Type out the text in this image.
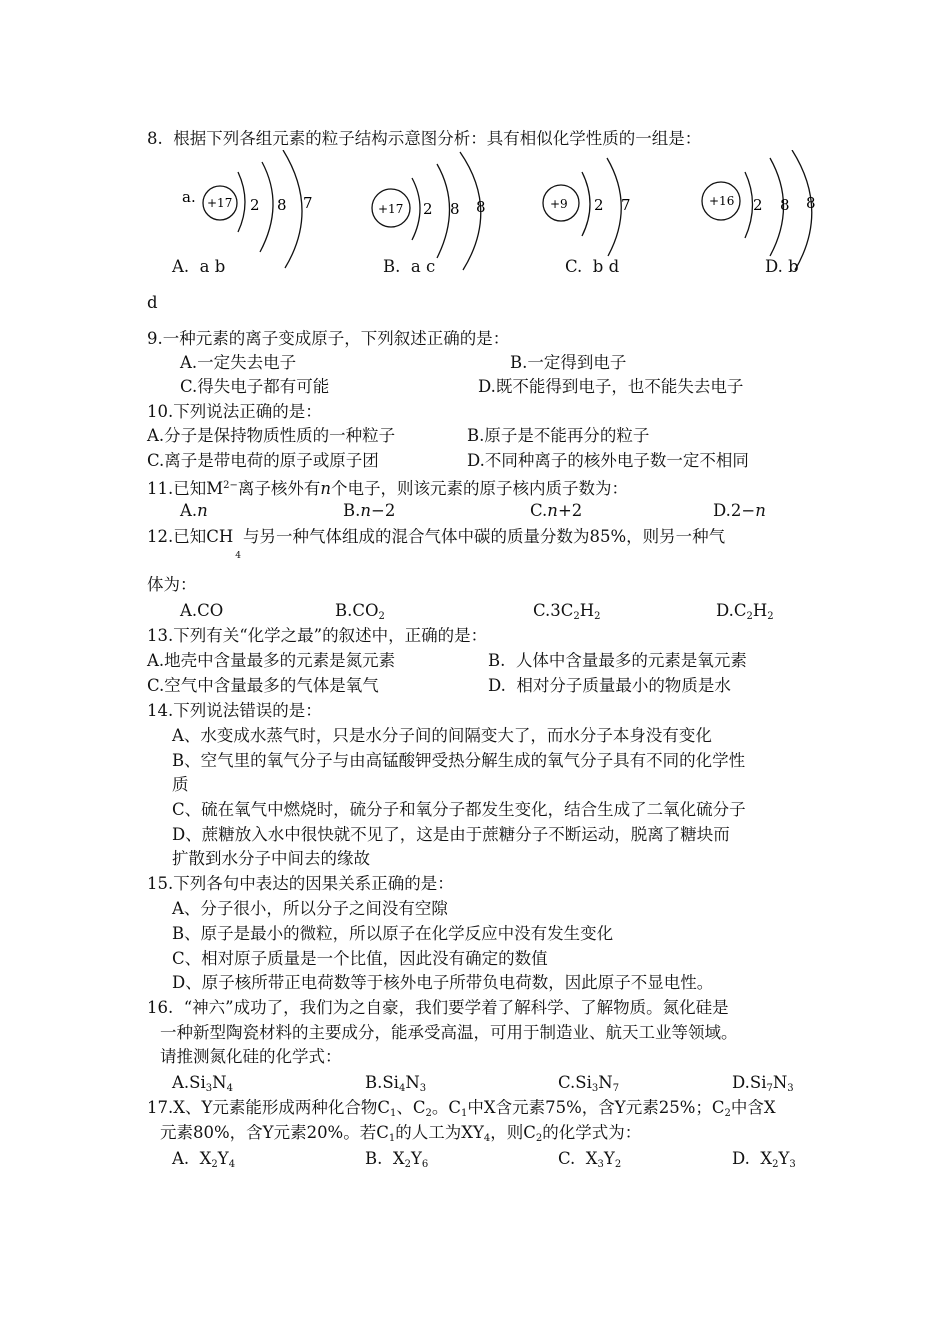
8.  根据下列各组元素的粒子结构示意图分析：具有相似化学性质的一组是：
a. +17 2 8 7	+17 2 8 8	+9 2 7	+16 2 8 8
A.  a b	B.  a c	C.  b d	D. b
d
9.一种元素的离子变成原子，下列叙述正确的是：
A.一定失去电子	B.一定得到电子
C.得失电子都有可能	D.既不能得到电子，也不能失去电子
10.下列说法正确的是：
A.分子是保持物质性质的一种粒子	B.原子是不能再分的粒子
C.离子是带电荷的原子或原子团	D.不同种离子的核外电子数一定不相同
11.已知$M^{2-}$离子核外有n个电子，则该元素的原子核内质子数为：
A.n	B.n−2	C.n+2	D.2−n
12.已知$CH_4$与另一种气体组成的混合气体中碳的质量分数为85%，则另一种气
体为：
A.CO	$B.CO_2$	$C.3C_2H_2$	$D.C_2H_2$
13.下列有关“化学之最”的叙述中，正确的是：
A.地壳中含量最多的元素是氮元素	B.  人体中含量最多的元素是氧元素
C.空气中含量最多的气体是氧气	D.  相对分子质量最小的物质是水
14.下列说法错误的是：
A、水变成水蒸气时，只是水分子间的间隔变大了，而水分子本身没有变化
B、空气里的氧气分子与由高锰酸钾受热分解生成的氧气分子具有不同的化学性
质
C、硫在氧气中燃烧时，硫分子和氧分子都发生变化，结合生成了二氧化硫分子
D、蔗糖放入水中很快就不见了，这是由于蔗糖分子不断运动，脱离了糖块而
扩散到水分子中间去的缘故
15.下列各句中表达的因果关系正确的是：
A、分子很小，所以分子之间没有空隙
B、原子是最小的微粒，所以原子在化学反应中没有发生变化
C、相对原子质量是一个比值，因此没有确定的数值
D、原子核所带正电荷数等于核外电子所带负电荷数，因此原子不显电性。
16.  “神六”成功了，我们为之自豪，我们要学着了解科学、了解物质。氮化硅是
一种新型陶瓷材料的主要成分，能承受高温，可用于制造业、航天工业等领域。
请推测氮化硅的化学式：
$A.Si_3N_4$	$B.Si_4N_3$	$C.Si_3N_7$	$D.Si_7N_3$
17.X、Y元素能形成两种化合物$C_1$、$C_2$。$C_1$中X含元素75%，含Y元素25%；$C_2$中含X
元素80%，含Y元素20%。若$C_1$的人工为$XY_4$，则$C_2$的化学式为：
A.  $X_2Y_4$	B.  $X_2Y_6$	C.  $X_3Y_2$	D.  $X_2Y_3$
